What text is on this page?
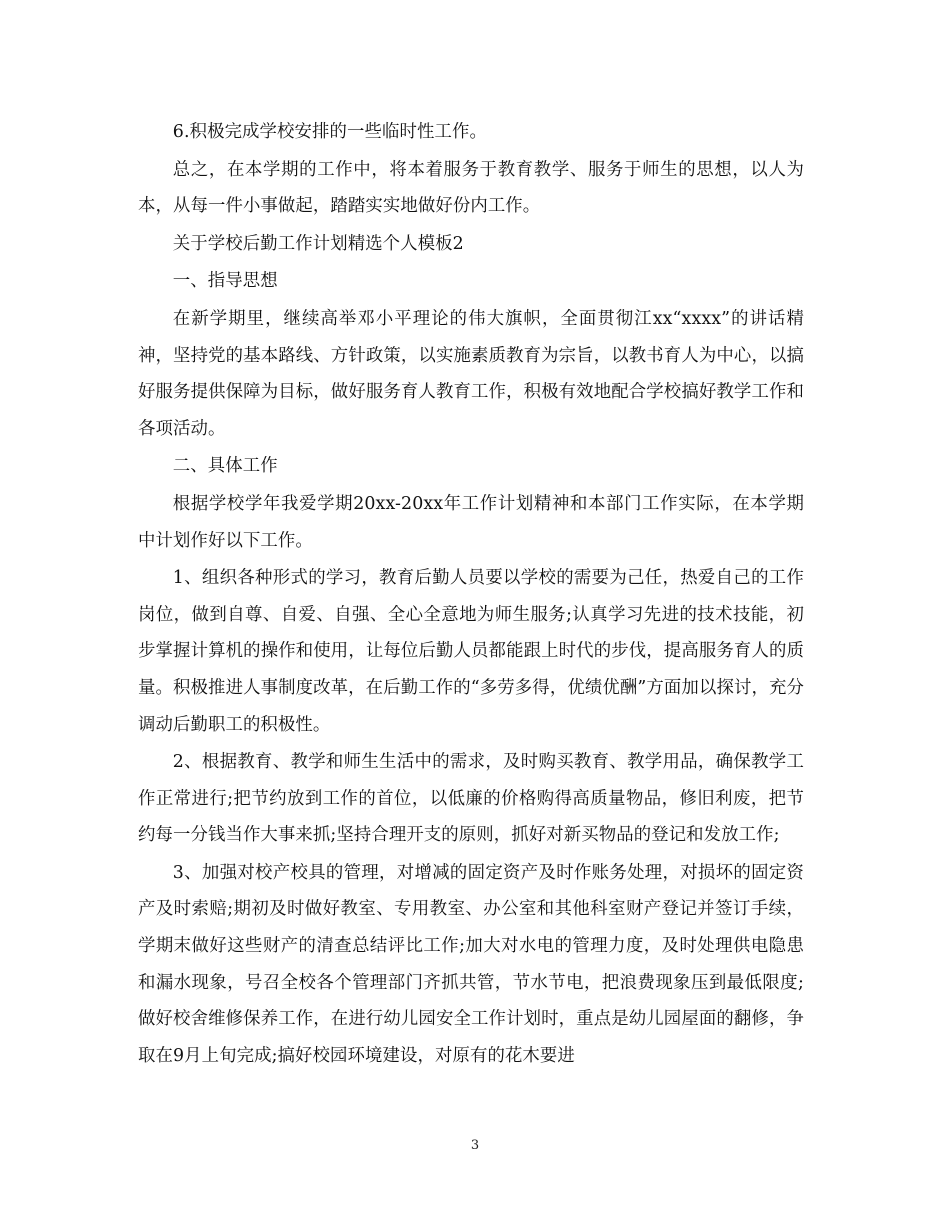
6.积极完成学校安排的一些临时性工作。

总之，在本学期的工作中，将本着服务于教育教学、服务于师生的思想，以人为本，从每一件小事做起，踏踏实实地做好份内工作。

关于学校后勤工作计划精选个人模板2

一、指导思想

在新学期里，继续高举邓小平理论的伟大旗帜，全面贯彻江xx“xxxx”的讲话精神，坚持党的基本路线、方针政策，以实施素质教育为宗旨，以教书育人为中心，以搞好服务提供保障为目标，做好服务育人教育工作，积极有效地配合学校搞好教学工作和各项活动。

二、具体工作

根据学校学年我爱学期20xx-20xx年工作计划精神和本部门工作实际，在本学期中计划作好以下工作。

1、组织各种形式的学习，教育后勤人员要以学校的需要为己任，热爱自己的工作岗位，做到自尊、自爱、自强、全心全意地为师生服务;认真学习先进的技术技能，初步掌握计算机的操作和使用，让每位后勤人员都能跟上时代的步伐，提高服务育人的质量。积极推进人事制度改革，在后勤工作的“多劳多得，优绩优酬”方面加以探讨，充分调动后勤职工的积极性。

2、根据教育、教学和师生生活中的需求，及时购买教育、教学用品，确保教学工作正常进行;把节约放到工作的首位，以低廉的价格购得高质量物品，修旧利废，把节约每一分钱当作大事来抓;坚持合理开支的原则，抓好对新买物品的登记和发放工作;

3、加强对校产校具的管理，对增减的固定资产及时作账务处理，对损坏的固定资产及时索赔;期初及时做好教室、专用教室、办公室和其他科室财产登记并签订手续，学期末做好这些财产的清查总结评比工作;加大对水电的管理力度，及时处理供电隐患和漏水现象，号召全校各个管理部门齐抓共管，节水节电，把浪费现象压到最低限度;做好校舍维修保养工作，在进行幼儿园安全工作计划时，重点是幼儿园屋面的翻修，争取在9月上旬完成;搞好校园环境建设，对原有的花木要进

3
